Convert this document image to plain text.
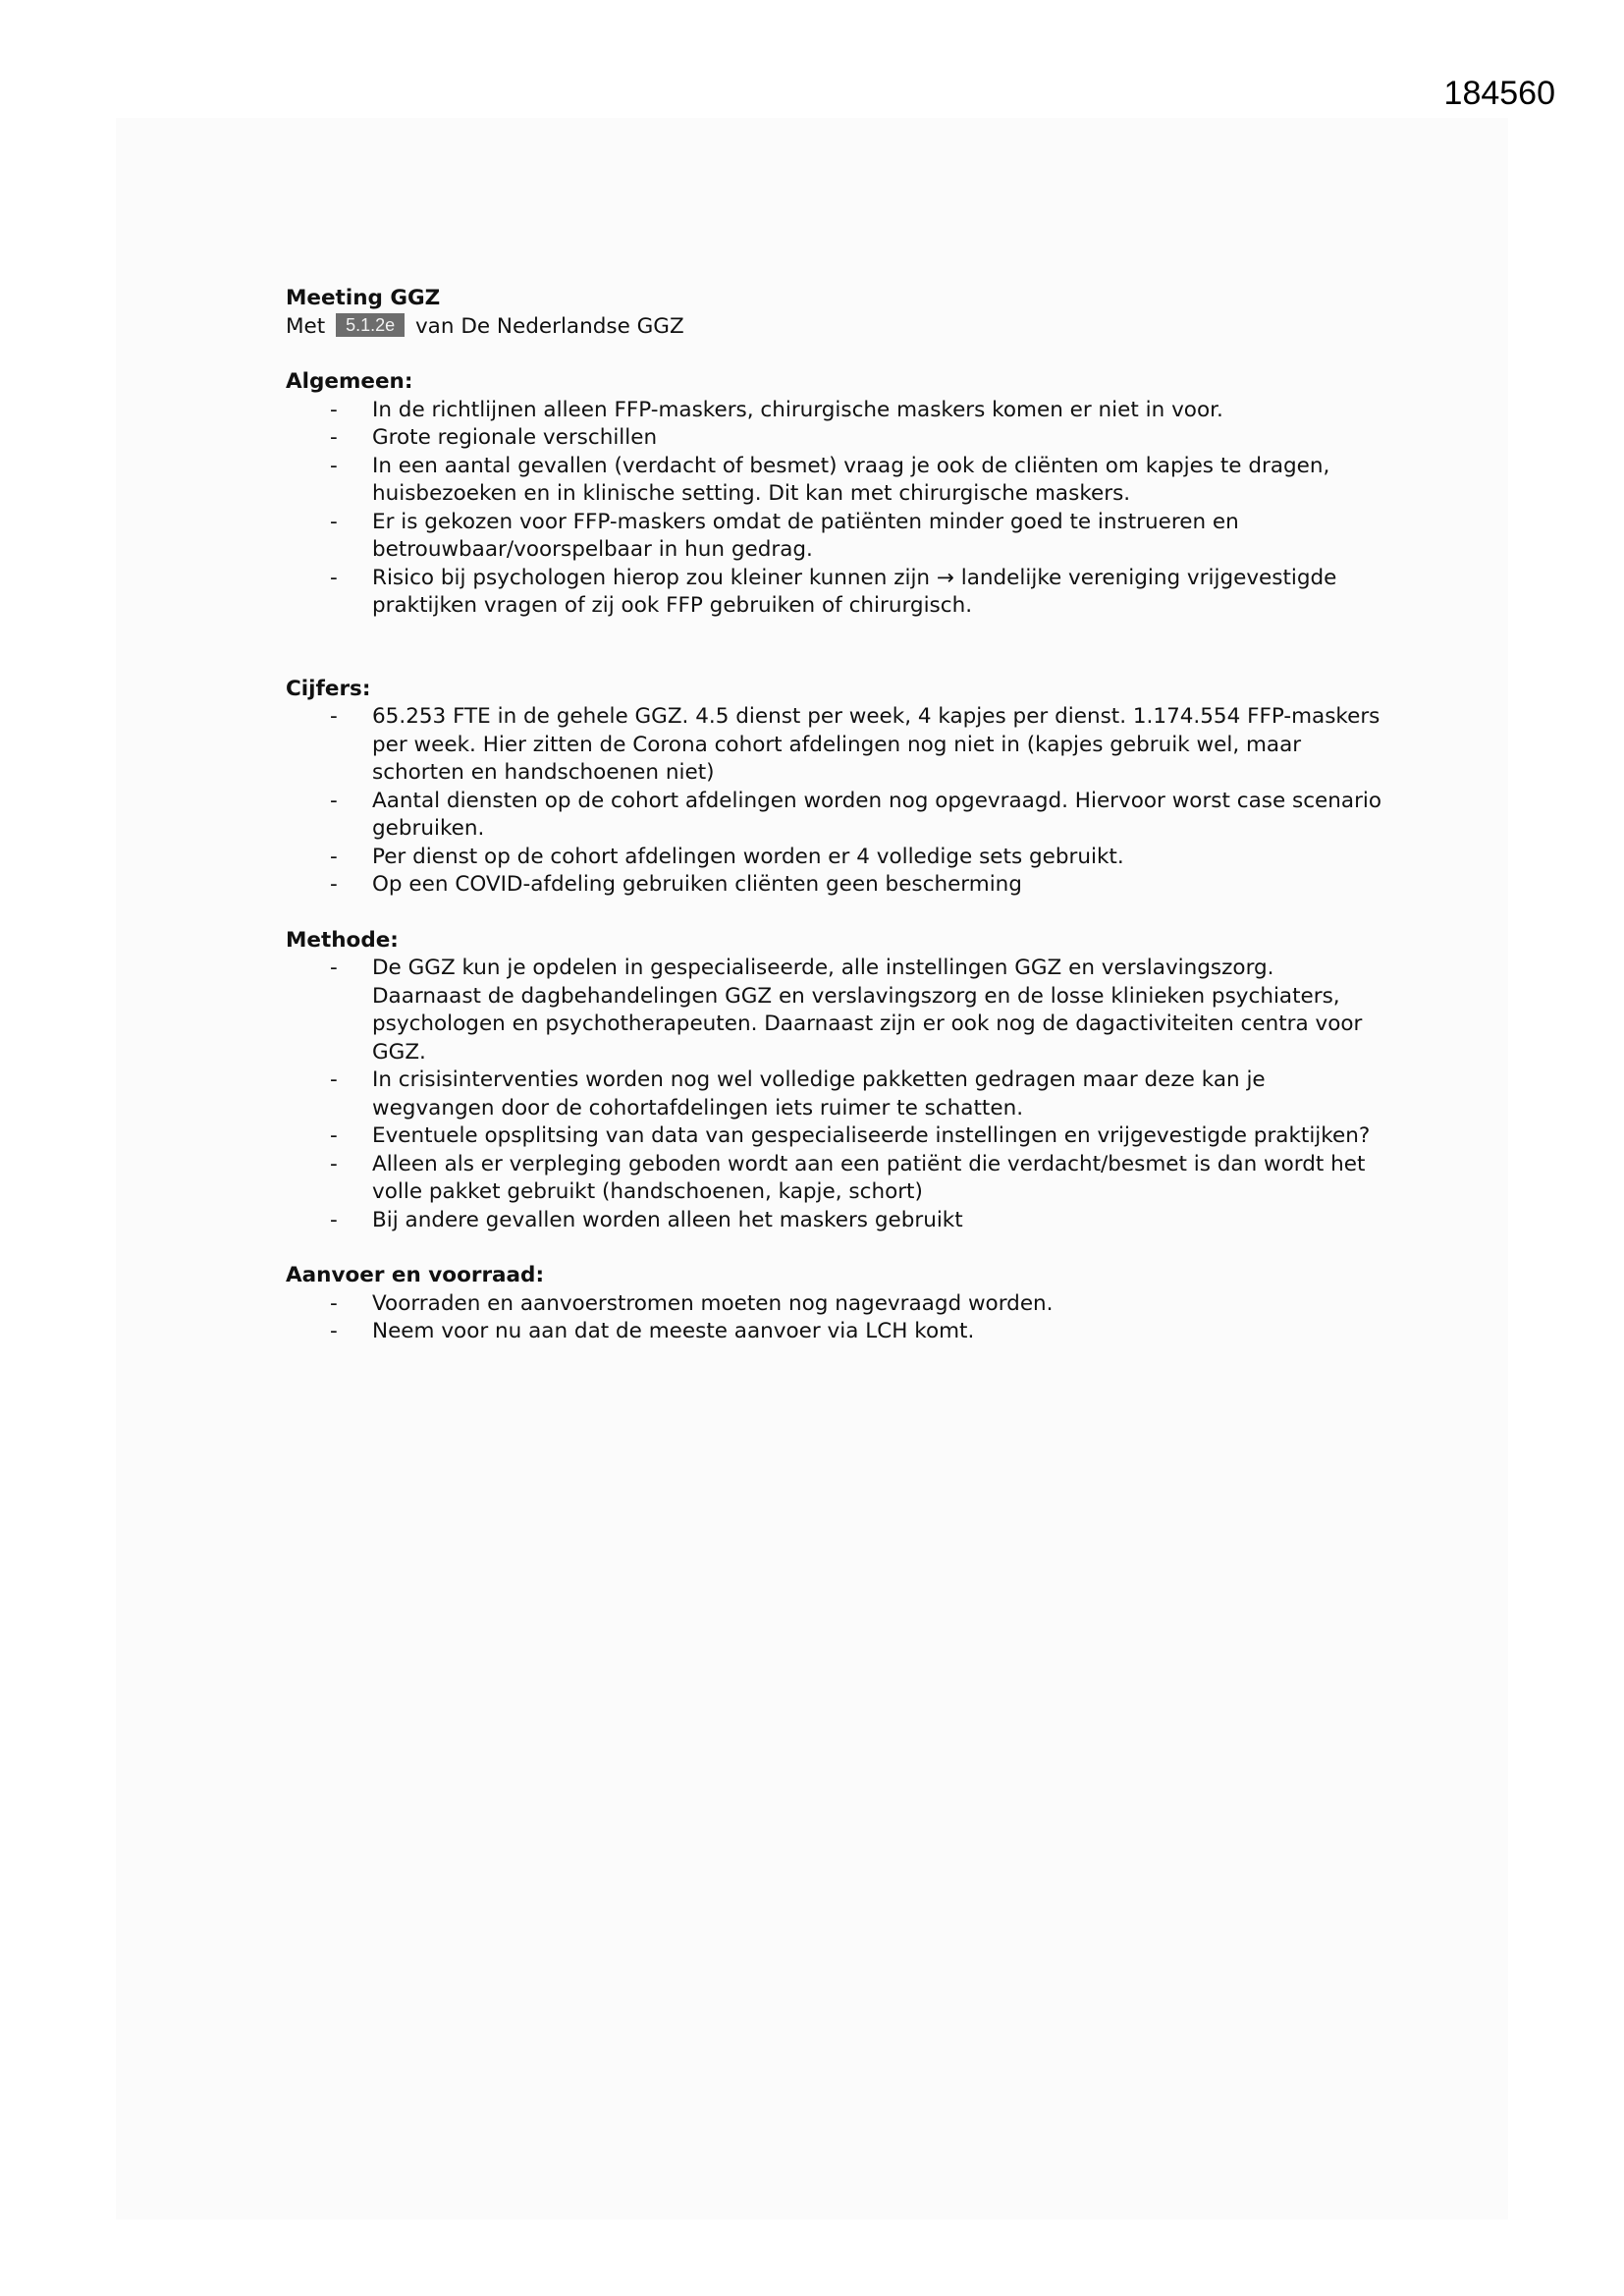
184560
Meeting GGZ
Met 5.1.2e van De Nederlandse GGZ
Algemeen:
- In de richtlijnen alleen FFP-maskers, chirurgische maskers komen er niet in voor.
- Grote regionale verschillen
- In een aantal gevallen (verdacht of besmet) vraag je ook de cliënten om kapjes te dragen, huisbezoeken en in klinische setting. Dit kan met chirurgische maskers.
- Er is gekozen voor FFP-maskers omdat de patiënten minder goed te instrueren en betrouwbaar/voorspelbaar in hun gedrag.
- Risico bij psychologen hierop zou kleiner kunnen zijn → landelijke vereniging vrijgevestigde praktijken vragen of zij ook FFP gebruiken of chirurgisch.
Cijfers:
- 65.253 FTE in de gehele GGZ. 4.5 dienst per week, 4 kapjes per dienst. 1.174.554 FFP-maskers per week. Hier zitten de Corona cohort afdelingen nog niet in (kapjes gebruik wel, maar schorten en handschoenen niet)
- Aantal diensten op de cohort afdelingen worden nog opgevraagd. Hiervoor worst case scenario gebruiken.
- Per dienst op de cohort afdelingen worden er 4 volledige sets gebruikt.
- Op een COVID-afdeling gebruiken cliënten geen bescherming
Methode:
- De GGZ kun je opdelen in gespecialiseerde, alle instellingen GGZ en verslavingszorg. Daarnaast de dagbehandelingen GGZ en verslavingszorg en de losse klinieken psychiaters, psychologen en psychotherapeuten. Daarnaast zijn er ook nog de dagactiviteiten centra voor GGZ.
- In crisisinterventies worden nog wel volledige pakketten gedragen maar deze kan je wegvangen door de cohortafdelingen iets ruimer te schatten.
- Eventuele opsplitsing van data van gespecialiseerde instellingen en vrijgevestigde praktijken?
- Alleen als er verpleging geboden wordt aan een patiënt die verdacht/besmet is dan wordt het volle pakket gebruikt (handschoenen, kapje, schort)
- Bij andere gevallen worden alleen het maskers gebruikt
Aanvoer en voorraad:
- Voorraden en aanvoerstromen moeten nog nagevraagd worden.
- Neem voor nu aan dat de meeste aanvoer via LCH komt.
